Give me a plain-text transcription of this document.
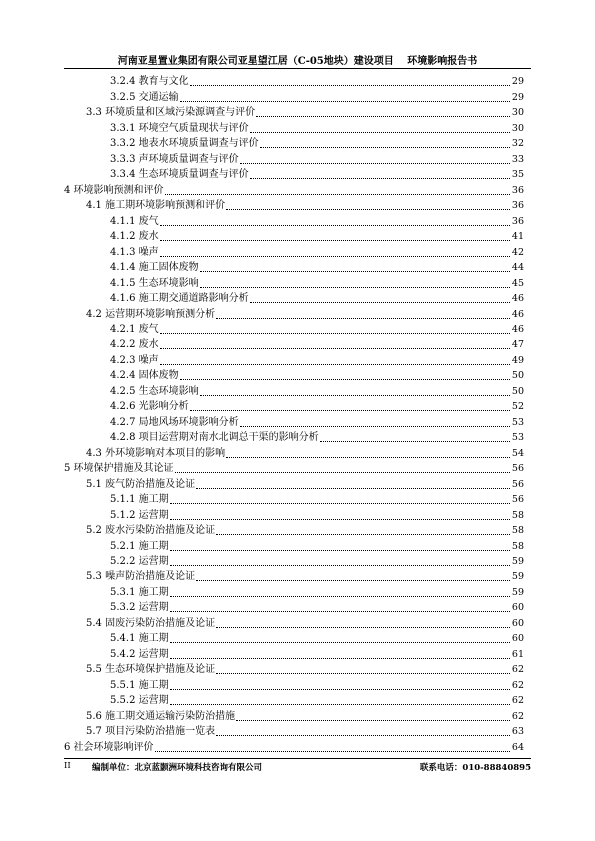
河南亚星置业集团有限公司亚星望江居（C-05地块）建设项目　 环境影响报告书
3.2.4 教育与文化	29
3.2.5 交通运输	29
3.3 环境质量和区域污染源调查与评价	30
3.3.1 环境空气质量现状与评价	30
3.3.2 地表水环境质量调查与评价	32
3.3.3 声环境质量调查与评价	33
3.3.4 生态环境质量调查与评价	35
4 环境影响预测和评价	36
4.1 施工期环境影响预测和评价	36
4.1.1 废气	36
4.1.2 废水	41
4.1.3 噪声	42
4.1.4 施工固体废物	44
4.1.5 生态环境影响	45
4.1.6 施工期交通道路影响分析	46
4.2 运营期环境影响预测分析	46
4.2.1 废气	46
4.2.2 废水	47
4.2.3 噪声	49
4.2.4 固体废物	50
4.2.5 生态环境影响	50
4.2.6 光影响分析	52
4.2.7 局地风场环境影响分析	53
4.2.8 项目运营期对南水北调总干渠的影响分析	53
4.3 外环境影响对本项目的影响	54
5 环境保护措施及其论证	56
5.1 废气防治措施及论证	56
5.1.1 施工期	56
5.1.2 运营期	58
5.2 废水污染防治措施及论证	58
5.2.1 施工期	58
5.2.2 运营期	59
5.3 噪声防治措施及论证	59
5.3.1 施工期	59
5.3.2 运营期	60
5.4 固废污染防治措施及论证	60
5.4.1 施工期	60
5.4.2 运营期	61
5.5 生态环境保护措施及论证	62
5.5.1 施工期	62
5.5.2 运营期	62
5.6 施工期交通运输污染防治措施	62
5.7 项目污染防治措施一览表	63
6 社会环境影响评价	64
II	编制单位：北京蓝颢洲环境科技咨询有限公司	联系电话：010-88840895
